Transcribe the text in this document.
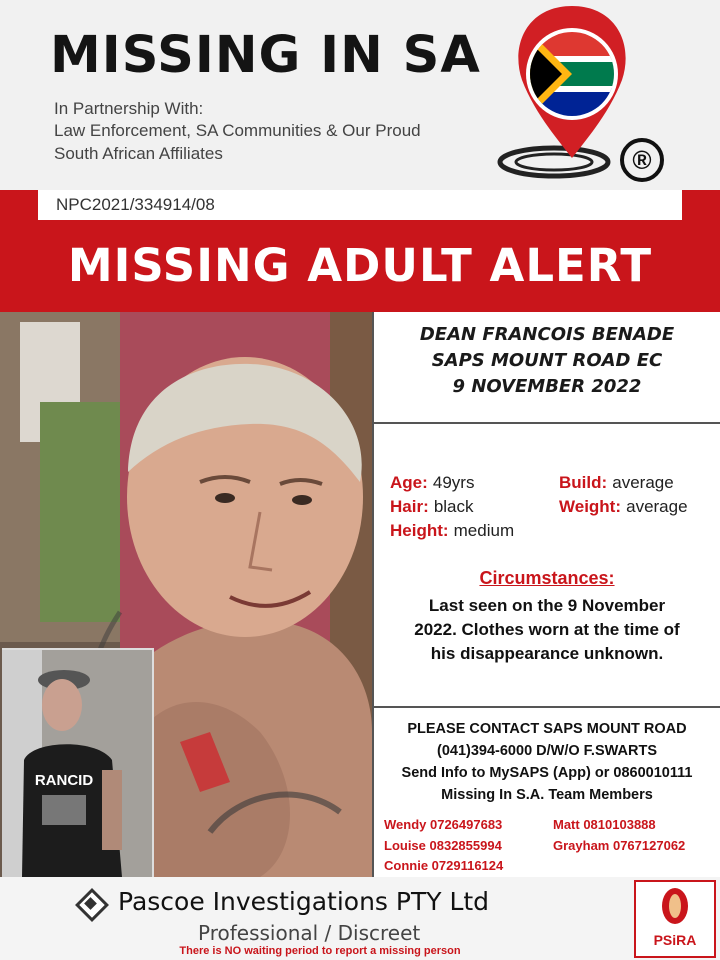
MISSING IN SA
In Partnership With:
Law Enforcement, SA Communities & Our Proud
South African Affiliates	®
NPC2021/334914/08
MISSING ADULT ALERT
RANCID
DEAN FRANCOIS BENADE
SAPS MOUNT ROAD EC
9 NOVEMBER 2022
Age: 49yrs	Build: average
Hair: black	Weight: average
Height: medium
Circumstances:
Last seen on the 9 November
2022. Clothes worn at the time of
his disappearance unknown.
PLEASE CONTACT SAPS MOUNT ROAD
(041)394-6000 D/W/O F.SWARTS
Send Info to MySAPS (App) or 0860010111
Missing In S.A. Team Members
Wendy 0726497683	Matt 0810103888
Louise 0832855994	Grayham 0767127062
Connie 0729116124
Pascoe Investigations PTY Ltd
Professional / Discreet
There is NO waiting period to report a missing person
PSiRA
